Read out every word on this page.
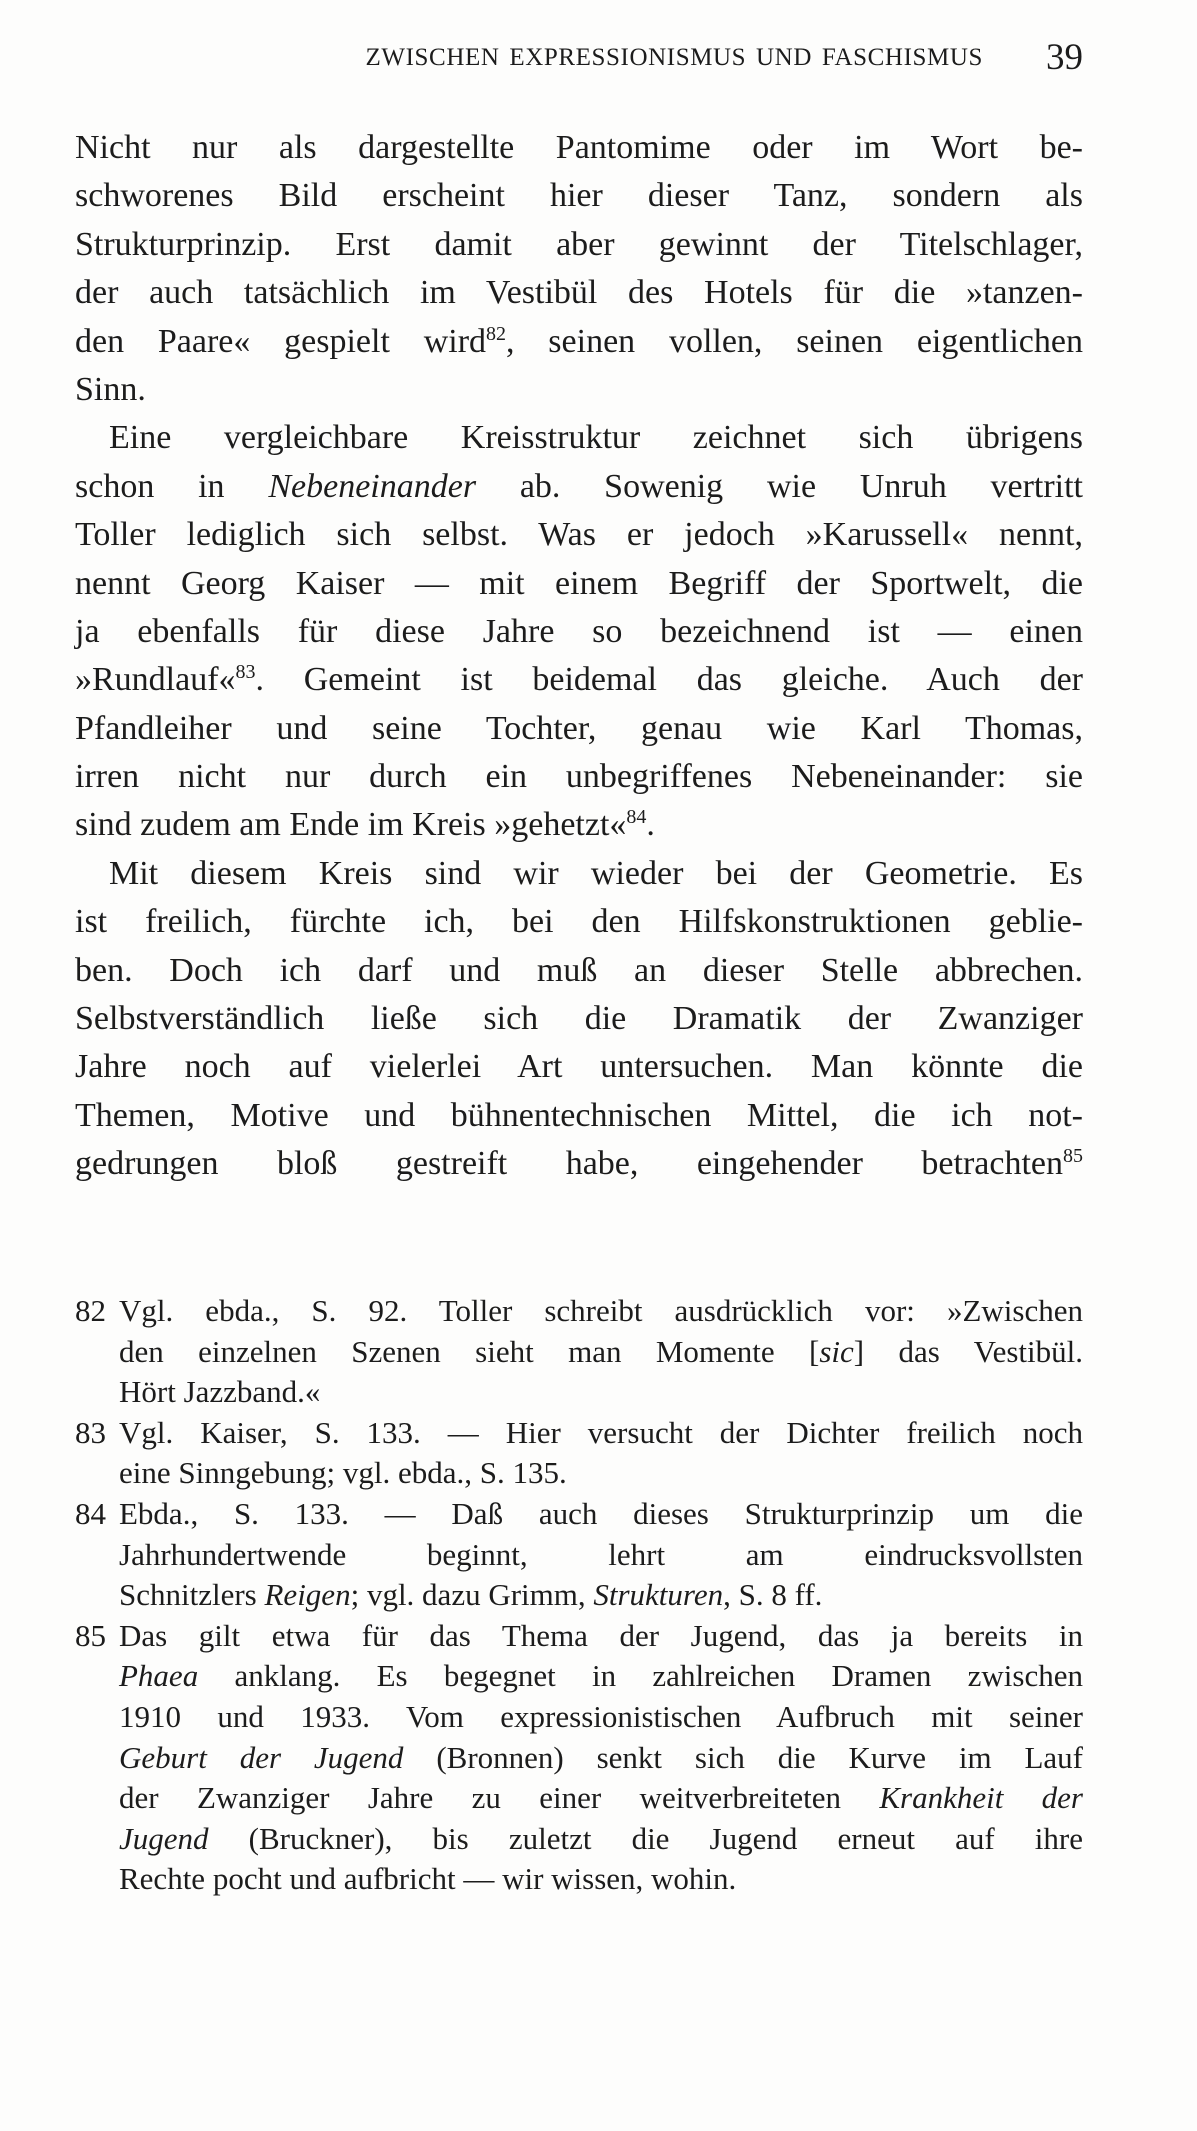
ZWISCHEN EXPRESSIONISMUS UND FASCHISMUS 39
Nicht nur als dargestellte Pantomime oder im Wort be-
schworenes Bild erscheint hier dieser Tanz, sondern als
Strukturprinzip. Erst damit aber gewinnt der Titelschlager,
der auch tatsächlich im Vestibül des Hotels für die »tanzen-
den Paare« gespielt wird$^{82}$, seinen vollen, seinen eigentlichen
Sinn.
Eine vergleichbare Kreisstruktur zeichnet sich übrigens
schon in Nebeneinander ab. Sowenig wie Unruh vertritt
Toller lediglich sich selbst. Was er jedoch »Karussell« nennt,
nennt Georg Kaiser — mit einem Begriff der Sportwelt, die
ja ebenfalls für diese Jahre so bezeichnend ist — einen
»Rundlauf«$^{83}$. Gemeint ist beidemal das gleiche. Auch der
Pfandleiher und seine Tochter, genau wie Karl Thomas,
irren nicht nur durch ein unbegriffenes Nebeneinander: sie
sind zudem am Ende im Kreis »gehetzt«$^{84}$.
Mit diesem Kreis sind wir wieder bei der Geometrie. Es
ist freilich, fürchte ich, bei den Hilfskonstruktionen geblie-
ben. Doch ich darf und muß an dieser Stelle abbrechen.
Selbstverständlich ließe sich die Dramatik der Zwanziger
Jahre noch auf vielerlei Art untersuchen. Man könnte die
Themen, Motive und bühnentechnischen Mittel, die ich not-
gedrungen bloß gestreift habe, eingehender betrachten$^{85}$
82 Vgl. ebda., S. 92. Toller schreibt ausdrücklich vor: »Zwischen
den einzelnen Szenen sieht man Momente [sic] das Vestibül.
Hört Jazzband.«
83 Vgl. Kaiser, S. 133. — Hier versucht der Dichter freilich noch
eine Sinngebung; vgl. ebda., S. 135.
84 Ebda., S. 133. — Daß auch dieses Strukturprinzip um die
Jahrhundertwende beginnt, lehrt am eindrucksvollsten
Schnitzlers Reigen; vgl. dazu Grimm, Strukturen, S. 8 ff.
85 Das gilt etwa für das Thema der Jugend, das ja bereits in
Phaea anklang. Es begegnet in zahlreichen Dramen zwischen
1910 und 1933. Vom expressionistischen Aufbruch mit seiner
Geburt der Jugend (Bronnen) senkt sich die Kurve im Lauf
der Zwanziger Jahre zu einer weitverbreiteten Krankheit der
Jugend (Bruckner), bis zuletzt die Jugend erneut auf ihre
Rechte pocht und aufbricht — wir wissen, wohin.
